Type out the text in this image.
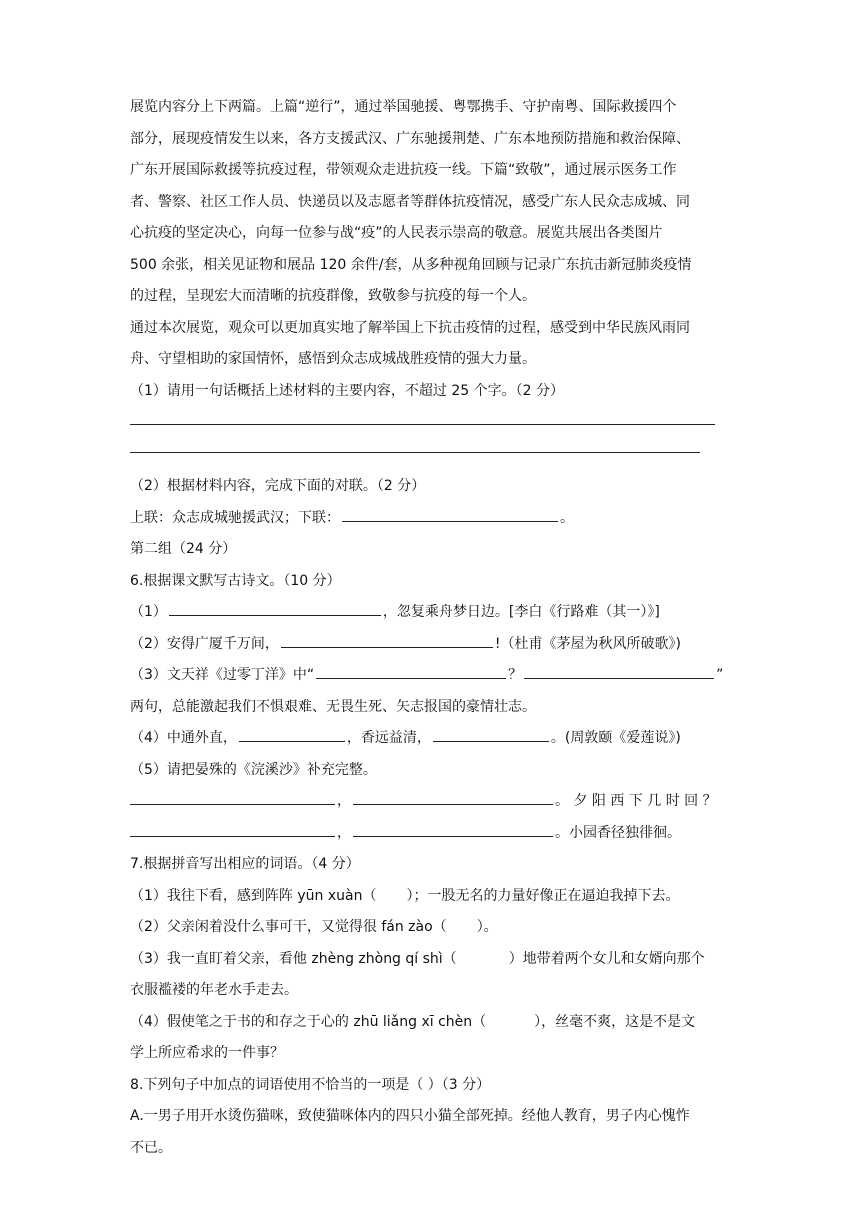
展览内容分上下两篇。上篇“逆行”，通过举国驰援、粤鄂携手、守护南粤、国际救援四个
部分，展现疫情发生以来，各方支援武汉、广东驰援荆楚、广东本地预防措施和救治保障、
广东开展国际救援等抗疫过程，带领观众走进抗疫一线。下篇“致敬”，通过展示医务工作
者、警察、社区工作人员、快递员以及志愿者等群体抗疫情况，感受广东人民众志成城、同
心抗疫的坚定决心，向每一位参与战“疫”的人民表示崇高的敬意。展览共展出各类图片
500 余张，相关见证物和展品 120 余件/套，从多种视角回顾与记录广东抗击新冠肺炎疫情
的过程，呈现宏大而清晰的抗疫群像，致敬参与抗疫的每一个人。
通过本次展览，观众可以更加真实地了解举国上下抗击疫情的过程，感受到中华民族风雨同
舟、守望相助的家国情怀，感悟到众志成城战胜疫情的强大力量。
（1）请用一句话概括上述材料的主要内容，不超过 25 个字。（2 分）
（2）根据材料内容，完成下面的对联。（2 分）
上联：众志成城驰援武汉；下联：	。
第二组（24 分）
6.根据课文默写古诗文。（10 分）
（1）	，忽复乘舟梦日边。[李白《行路难（其一）》]
（2）安得广厦千万间，	!（杜甫《茅屋为秋风所破歌》)
（3）文天祥《过零丁洋》中“	？	”
两句，总能激起我们不惧艰难、无畏生死、矢志报国的豪情壮志。
（4）中通外直，	，香远益清，	。(周敦颐《爱莲说》)
（5）请把晏殊的《浣溪沙》补充完整。
，	。 夕 阳 西 下 几 时 回 ？
，	。小园香径独徘徊。
7.根据拼音写出相应的词语。（4 分）
（1）我往下看，感到阵阵 yūn xuàn（ ）；一股无名的力量好像正在逼迫我掉下去。
（2）父亲闲着没什么事可干，又觉得很 fán zào（ ）。
（3）我一直盯着父亲，看他 zhèng zhòng qí shì（	）地带着两个女儿和女婿向那个
衣服褴褛的年老水手走去。
（4）假使笔之于书的和存之于心的 zhū liǎng xī chèn（	），丝毫不爽，这是不是文
学上所应希求的一件事？
8.下列句子中加点的词语使用不恰当的一项是（ ）（3 分）
A.一男子用开水烫伤猫咪，致使猫咪体内的四只小猫全部死掉。经他人教育，男子内心愧怍
不已。
